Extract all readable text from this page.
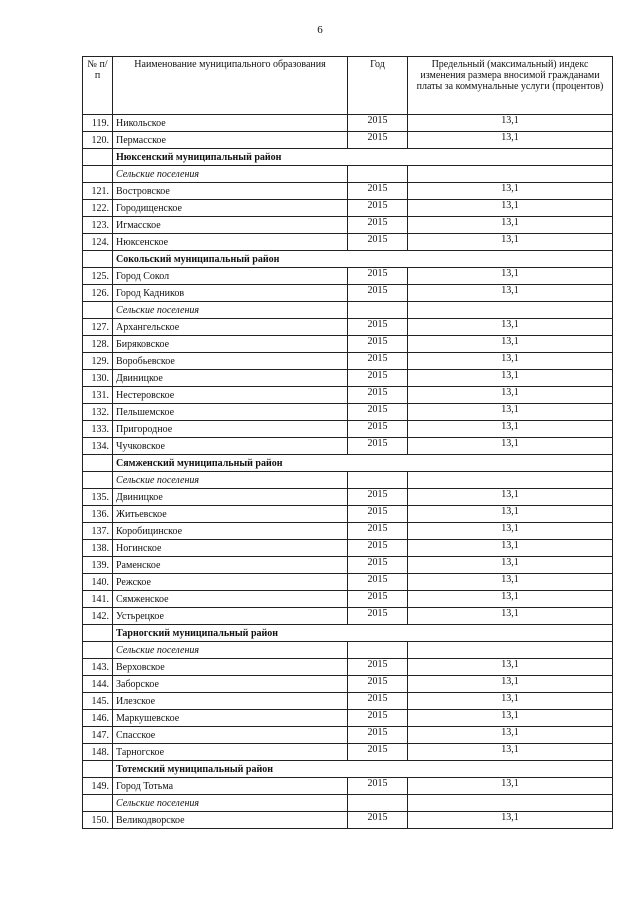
6
№ п/п	Наименование муниципального образования	Год	Предельный (максимальный) индекс изменения размера вносимой гражданами платы за коммунальные услуги (процентов)
119.	Никольское	2015	13,1
120.	Пермасское	2015	13,1
	Нюксенский муниципальный район		
	Сельские поселения		
121.	Востровское	2015	13,1
122.	Городищенское	2015	13,1
123.	Игмасское	2015	13,1
124.	Нюксенское	2015	13,1
	Сокольский муниципальный район		
125.	Город Сокол	2015	13,1
126.	Город Кадников	2015	13,1
	Сельские поселения		
127.	Архангельское	2015	13,1
128.	Биряковское	2015	13,1
129.	Воробьевское	2015	13,1
130.	Двиницкое	2015	13,1
131.	Нестеровское	2015	13,1
132.	Пельшемское	2015	13,1
133.	Пригородное	2015	13,1
134.	Чучковское	2015	13,1
	Сямженский муниципальный район		
	Сельские поселения		
135.	Двиницкое	2015	13,1
136.	Житьевское	2015	13,1
137.	Коробицинское	2015	13,1
138.	Ногинское	2015	13,1
139.	Раменское	2015	13,1
140.	Режское	2015	13,1
141.	Сямженское	2015	13,1
142.	Устьрецкое	2015	13,1
	Тарногский муниципальный район		
	Сельские поселения		
143.	Верховское	2015	13,1
144.	Заборское	2015	13,1
145.	Илезское	2015	13,1
146.	Маркушевское	2015	13,1
147.	Спасское	2015	13,1
148.	Тарногское	2015	13,1
	Тотемский муниципальный район		
149.	Город Тотьма	2015	13,1
	Сельские поселения		
150.	Великодворское	2015	13,1
